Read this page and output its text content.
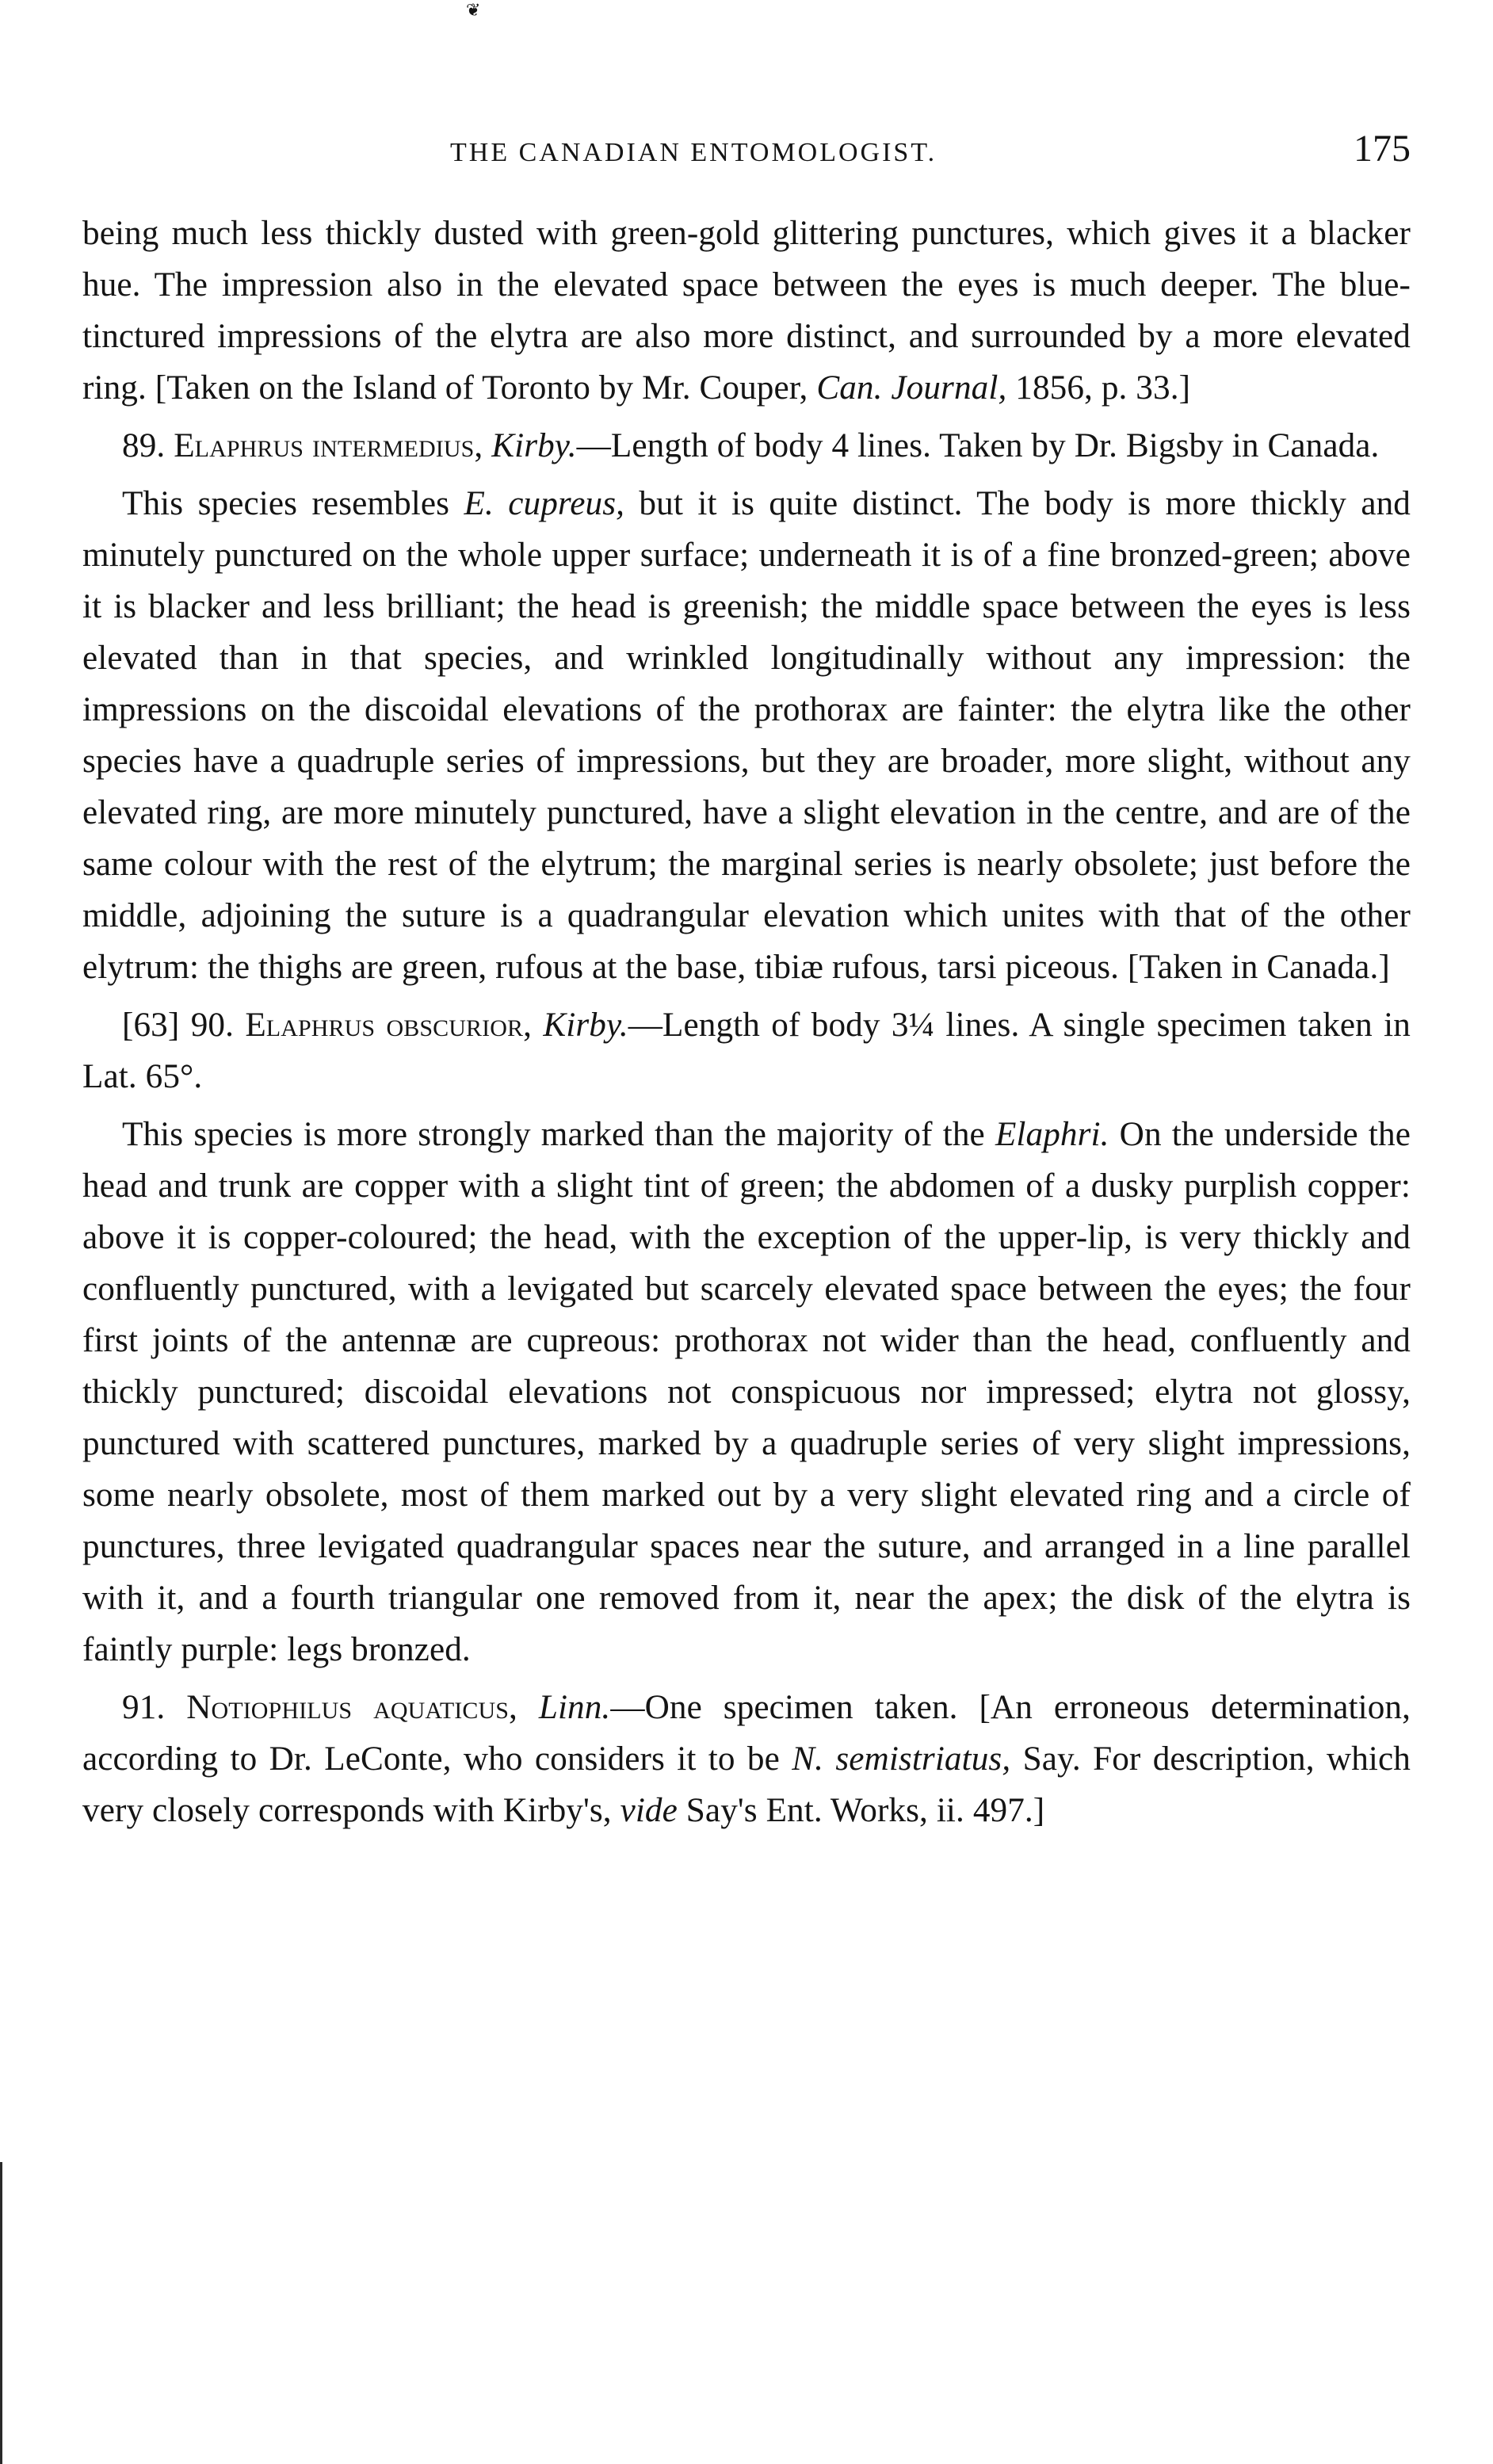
❦
THE CANADIAN ENTOMOLOGIST.	175

being much less thickly dusted with green-gold glittering punctures, which gives it a blacker hue. The impression also in the elevated space between the eyes is much deeper. The blue-tinctured impressions of the elytra are also more distinct, and surrounded by a more elevated ring. [Taken on the Island of Toronto by Mr. Couper, Can. Journal, 1856, p. 33.]

89. Elaphrus intermedius, Kirby.—Length of body 4 lines. Taken by Dr. Bigsby in Canada.

This species resembles E. cupreus, but it is quite distinct. The body is more thickly and minutely punctured on the whole upper surface; underneath it is of a fine bronzed-green; above it is blacker and less brilliant; the head is greenish; the middle space between the eyes is less elevated than in that species, and wrinkled longitudinally without any impression: the impressions on the discoidal elevations of the prothorax are fainter: the elytra like the other species have a quadruple series of impressions, but they are broader, more slight, without any elevated ring, are more minutely punctured, have a slight elevation in the centre, and are of the same colour with the rest of the elytrum; the marginal series is nearly obsolete; just before the middle, adjoining the suture is a quadrangular elevation which unites with that of the other elytrum: the thighs are green, rufous at the base, tibiæ rufous, tarsi piceous. [Taken in Canada.]

[63] 90. Elaphrus obscurior, Kirby.—Length of body 3¼ lines. A single specimen taken in Lat. 65°.

This species is more strongly marked than the majority of the Elaphri. On the underside the head and trunk are copper with a slight tint of green; the abdomen of a dusky purplish copper: above it is copper-coloured; the head, with the exception of the upper-lip, is very thickly and confluently punctured, with a levigated but scarcely elevated space between the eyes; the four first joints of the antennæ are cupreous: prothorax not wider than the head, confluently and thickly punctured; discoidal elevations not conspicuous nor impressed; elytra not glossy, punctured with scattered punctures, marked by a quadruple series of very slight impressions, some nearly obsolete, most of them marked out by a very slight elevated ring and a circle of punctures, three levigated quadrangular spaces near the suture, and arranged in a line parallel with it, and a fourth triangular one removed from it, near the apex; the disk of the elytra is faintly purple: legs bronzed.

91. Notiophilus aquaticus, Linn.—One specimen taken. [An erroneous determination, according to Dr. LeConte, who considers it to be N. semistriatus, Say. For description, which very closely corresponds with Kirby's, vide Say's Ent. Works, ii. 497.]
